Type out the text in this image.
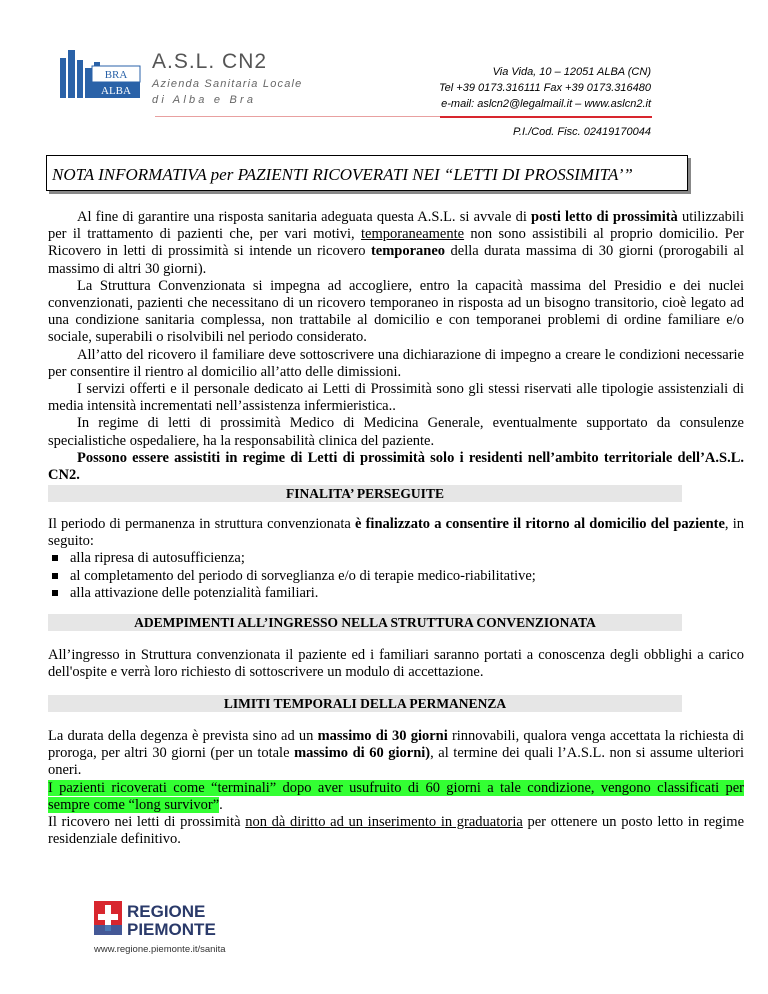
BRA
ALBA
A.S.L. CN2
Azienda Sanitaria Locale
di Alba e Bra
Via Vida, 10 – 12051 ALBA (CN)
Tel +39 0173.316111 Fax +39 0173.316480
e-mail: aslcn2@legalmail.it – www.aslcn2.it
P.I./Cod. Fisc. 02419170044
NOTA INFORMATIVA per PAZIENTI RICOVERATI NEI “LETTI DI PROSSIMITA’”

Al fine di garantire una risposta sanitaria adeguata questa A.S.L. si avvale di posti letto di prossimità utilizzabili per il trattamento di pazienti che, per vari motivi, temporaneamente non sono assistibili al proprio domicilio. Per Ricovero in letti di prossimità si intende un ricovero temporaneo della durata massima di 30 giorni (prorogabili al massimo di altri 30 giorni).

La Struttura Convenzionata si impegna ad accogliere, entro la capacità massima del Presidio e dei nuclei convenzionati, pazienti che necessitano di un ricovero temporaneo in risposta ad un bisogno transitorio, cioè legato ad una condizione sanitaria complessa, non trattabile al domicilio e con temporanei problemi di ordine familiare e/o sociale, superabili o risolvibili nel periodo considerato.

All’atto del ricovero il familiare deve sottoscrivere una dichiarazione di impegno a creare le condizioni necessarie per consentire il rientro al domicilio all’atto delle dimissioni.

I servizi offerti e il personale dedicato ai Letti di Prossimità sono gli stessi riservati alle tipologie assistenziali di media intensità incrementati nell’assistenza infermieristica..

In regime di letti di prossimità Medico di Medicina Generale, eventualmente supportato da consulenze specialistiche ospedaliere, ha la responsabilità clinica del paziente.

Possono essere assistiti in regime di Letti di prossimità solo i residenti nell’ambito territoriale dell’A.S.L. CN2.

FINALITA’ PERSEGUITE
Il periodo di permanenza in struttura convenzionata è finalizzato a consentire il ritorno al domicilio del paziente, in seguito:
alla ripresa di autosufficienza;
al completamento del periodo di sorveglianza e/o di terapie medico-riabilitative;
alla attivazione delle potenzialità familiari.
ADEMPIMENTI ALL’INGRESSO NELLA STRUTTURA CONVENZIONATA
All’ingresso in Struttura convenzionata il paziente ed i familiari saranno portati a conoscenza degli obblighi a carico dell'ospite e verrà loro richiesto di sottoscrivere un modulo di accettazione.
LIMITI TEMPORALI DELLA PERMANENZA
La durata della degenza è prevista sino ad un massimo di 30 giorni rinnovabili, qualora venga accettata la richiesta di proroga, per altri 30 giorni (per un totale massimo di 60 giorni), al termine dei quali l’A.S.L. non si assume ulteriori oneri.
I pazienti ricoverati come “terminali” dopo aver usufruito di 60 giorni a tale condizione, vengono classificati per sempre come “long survivor”.
Il ricovero nei letti di prossimità non dà diritto ad un inserimento in graduatoria per ottenere un posto letto in regime residenziale definitivo.
REGIONE
PIEMONTE
www.regione.piemonte.it/sanita
